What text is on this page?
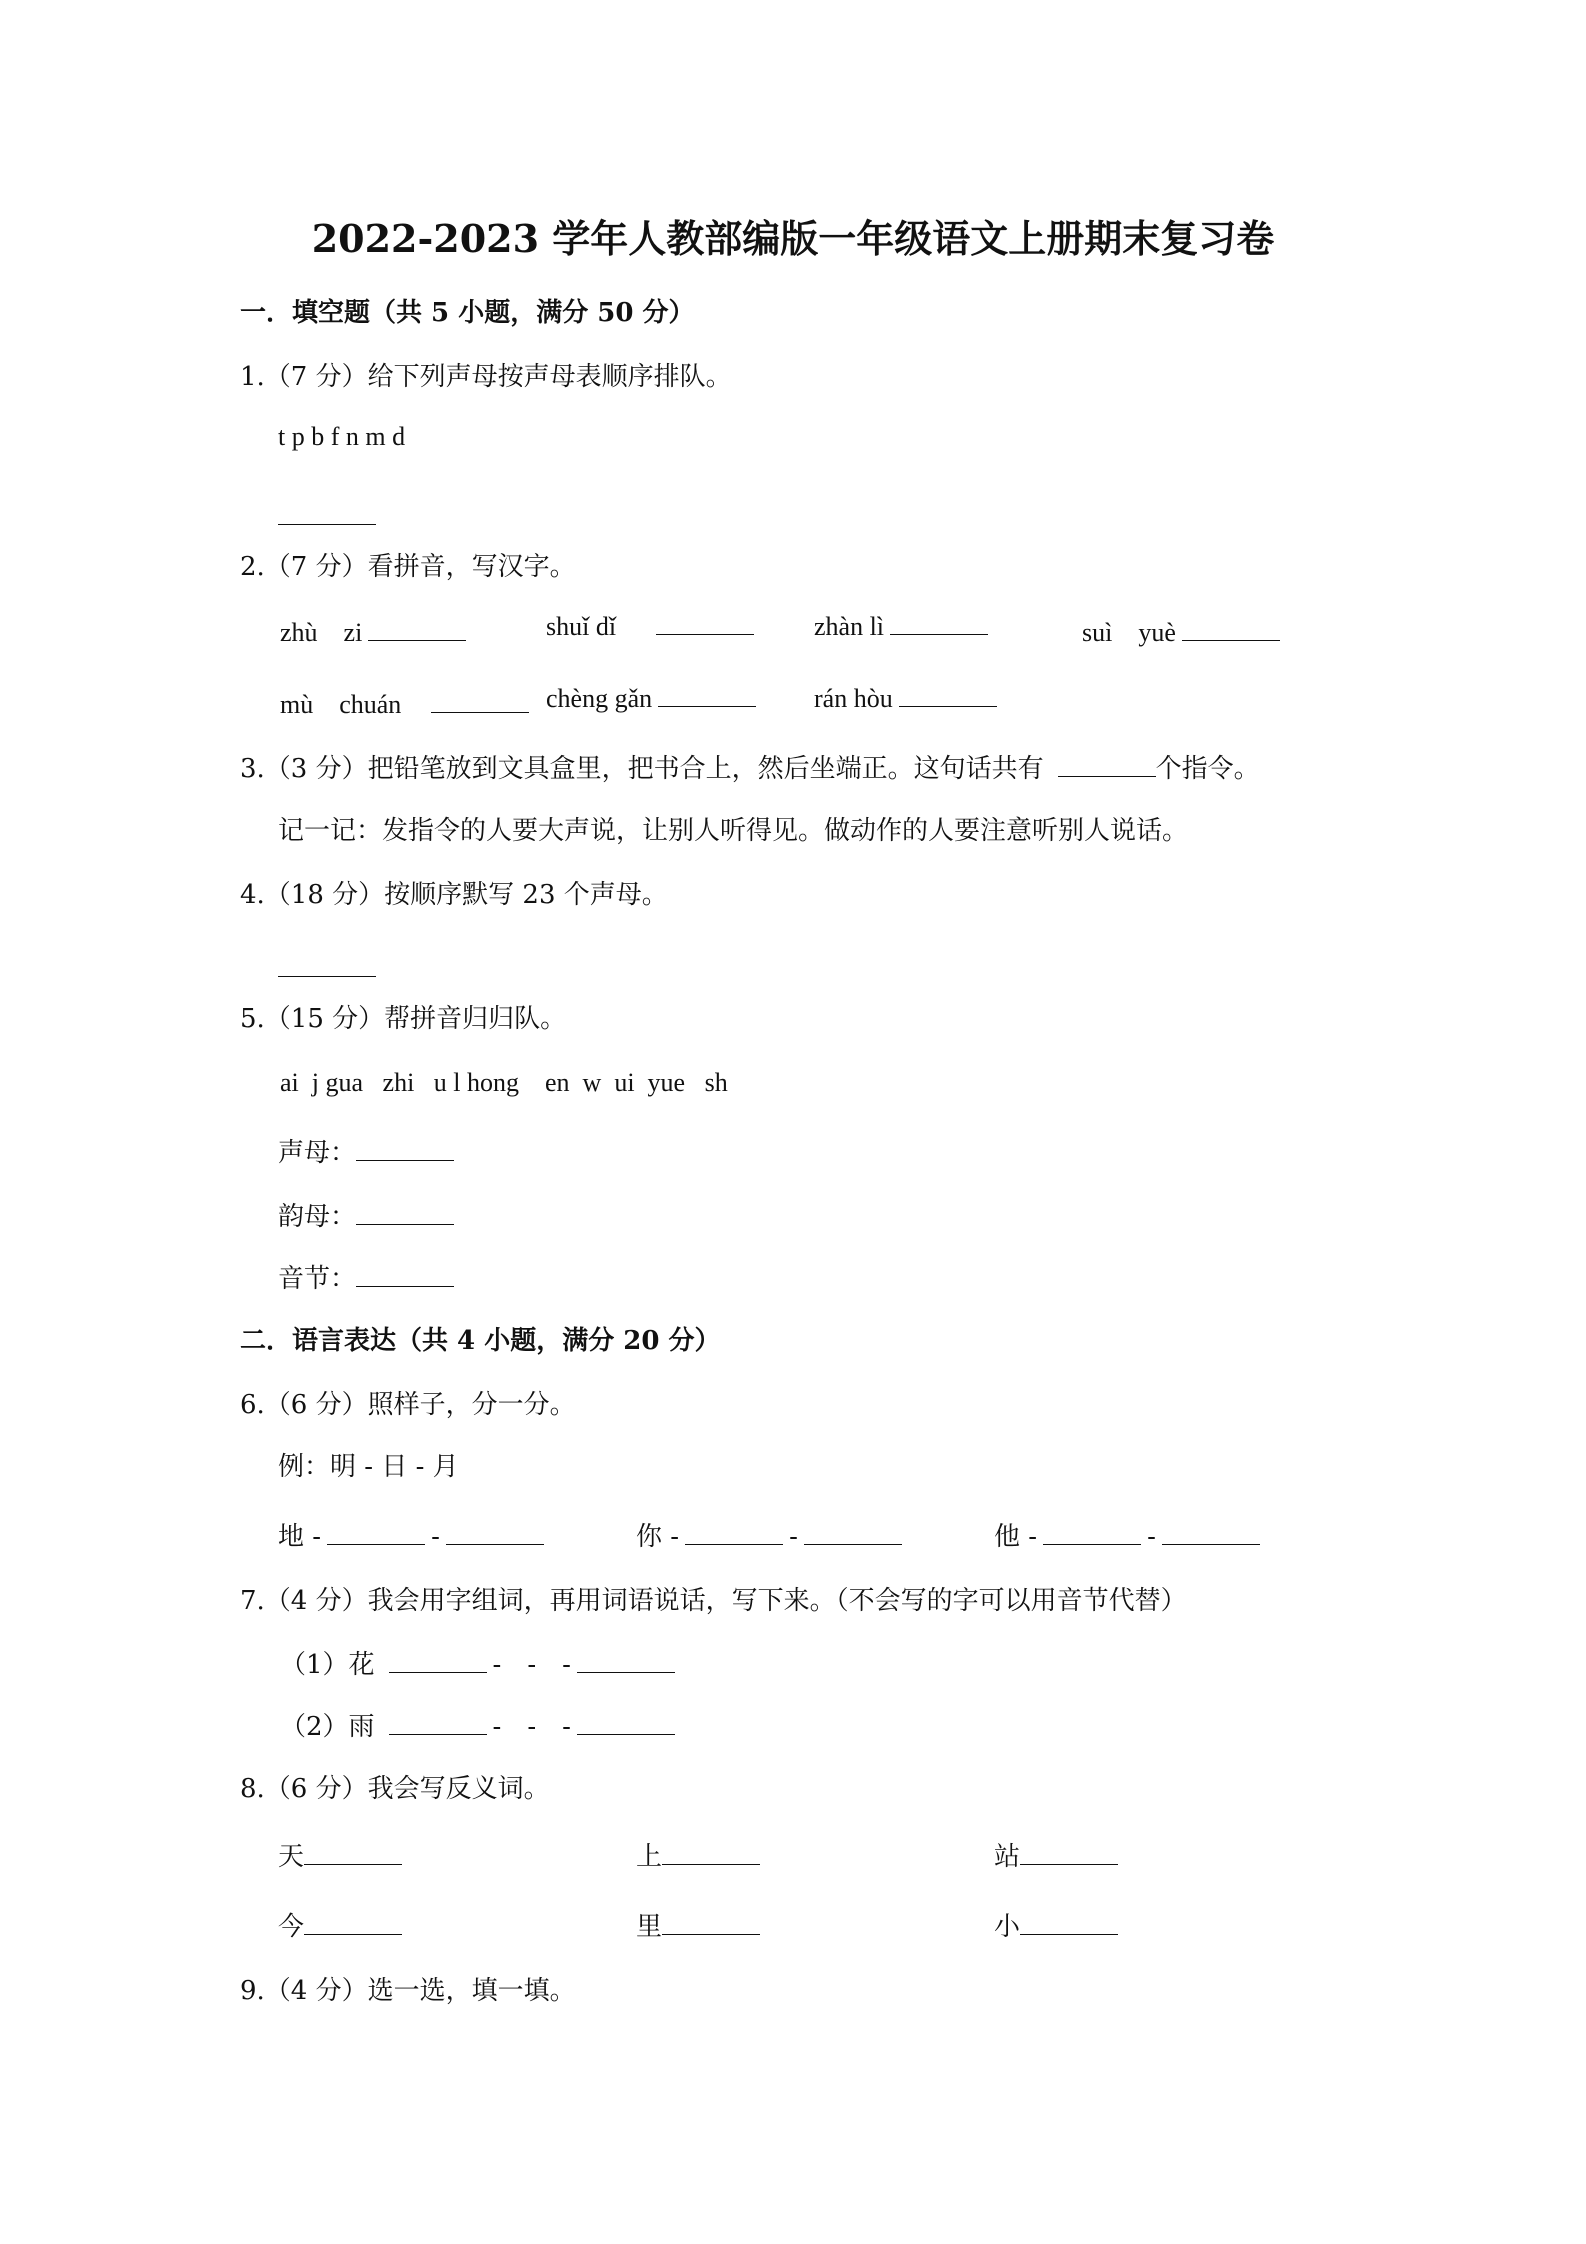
2022-2023 学年人教部编版一年级语文上册期末复习卷
一．填空题（共 5 小题，满分 50 分）
1.（7 分）给下列声母按声母表顺序排队。
t p b f n m d
2.（7 分）看拼音，写汉字。
zhù　zi	shuǐ dǐ	zhàn lì	suì　yuè
mù　chuán	chèng gǎn	rán hòu
3.（3 分）把铅笔放到文具盒里，把书合上，然后坐端正。这句话共有	个指令。
记一记：发指令的人要大声说，让别人听得见。做动作的人要注意听别人说话。
4.（18 分）按顺序默写 23 个声母。
5.（15 分）帮拼音归归队。
ai  j gua   zhi   u l hong    en  w  ui  yue   sh
声母：
韵母：
音节：
二．语言表达（共 4 小题，满分 20 分）
6.（6 分）照样子，分一分。
例：明 - 日 - 月
地 -	-	你 -	-	他 -	-
7.（4 分）我会用字组词，再用词语说话，写下来。（不会写的字可以用音节代替）
（1）花	-　-　-
（2）雨	-　-　-
8.（6 分）我会写反义词。
天	上	站
今	里	小
9.（4 分）选一选，填一填。
